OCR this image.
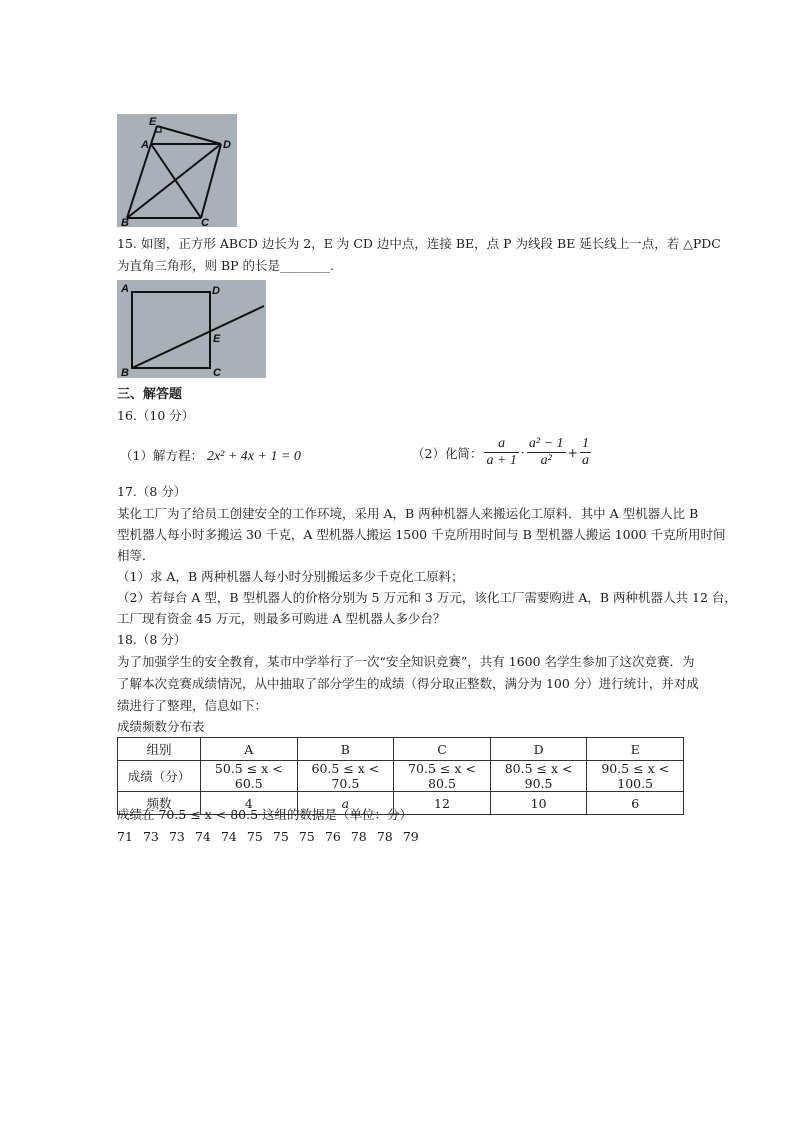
E
A	D
B	C
15. 如图，正方形 ABCD 边长为 2，E 为 CD 边中点，连接 BE，点 P 为线段 BE 延长线上一点，若 △PDC
为直角三角形，则 BP 的长是________.
A	D
E
B	C
三、解答题
16.（10 分）
（1）解方程： 2x² + 4x + 1 = 0	（2）化简： $\frac{a}{a + 1} \cdot \frac{\text{a² − 1}}{\text{a²}} + \frac{1}{a}$
17.（8 分）
某化工厂为了给员工创建安全的工作环境，采用 A，B 两种机器人来搬运化工原料．其中 A 型机器人比 B
型机器人每小时多搬运 30 千克，A 型机器人搬运 1500 千克所用时间与 B 型机器人搬运 1000 千克所用时间
相等．
（1）求 A，B 两种机器人每小时分别搬运多少千克化工原料；
（2）若每台 A 型，B 型机器人的价格分别为 5 万元和 3 万元，该化工厂需要购进 A，B 两种机器人共 12 台，
工厂现有资金 45 万元，则最多可购进 A 型机器人多少台？
18.（8 分）
为了加强学生的安全教育，某市中学举行了一次“安全知识竞赛”，共有 1600 名学生参加了这次竞赛．为
了解本次竞赛成绩情况，从中抽取了部分学生的成绩（得分取正整数，满分为 100 分）进行统计，并对成
绩进行了整理，信息如下：
成绩频数分布表
组别	A	B	C	D	E
成绩（分）	50.5 ≤ x < 60.5	60.5 ≤ x < 70.5	70.5 ≤ x < 80.5	80.5 ≤ x < 90.5	90.5 ≤ x < 100.5
频数	4	a	12	10	6
成绩在 70.5 ≤ x < 80.5 这组的数据是（单位：分）
71 73 73 74 74 75 75 75 76 78 78 79
